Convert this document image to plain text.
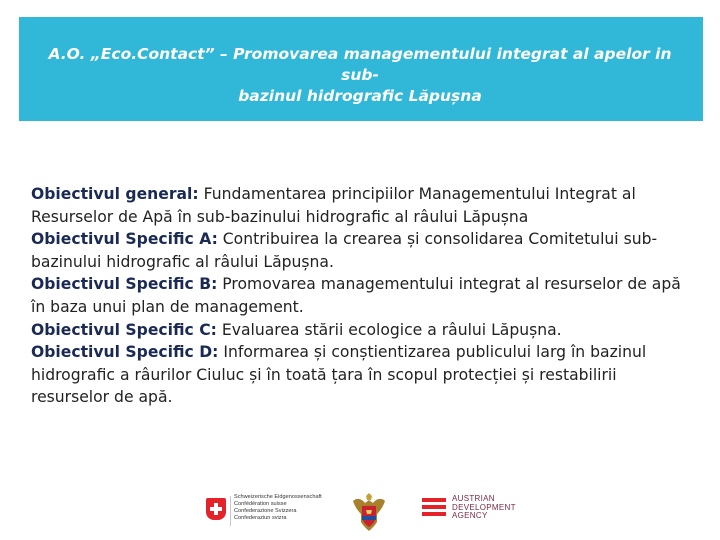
A.O. „Eco.Contact” – Promovarea managementului integrat al apelor in sub-
bazinul hidrografic Lăpușna

Obiectivul general: Fundamentarea principiilor Managementului Integrat al Resurselor de Apă în sub-bazinului hidrografic al râului Lăpușna

Obiectivul Specific A: Contribuirea la crearea și consolidarea Comitetului sub-bazinului hidrografic al râului Lăpușna.

Obiectivul Specific B: Promovarea managementului integrat al resurselor de apă în baza unui plan de management.

Obiectivul Specific C: Evaluarea stării ecologice a râului Lăpușna.

Obiectivul Specific D: Informarea și conștientizarea publicului larg în bazinul hidrografic a râurilor Ciuluc și în toată țara în scopul protecției și restabilirii resurselor de apă.

Schweizerische Eidgenossenschaft
Confédération suisse
Confederazione Svizzera
Confederaziun svizra
AUSTRIAN
DEVELOPMENT
AGENCY
